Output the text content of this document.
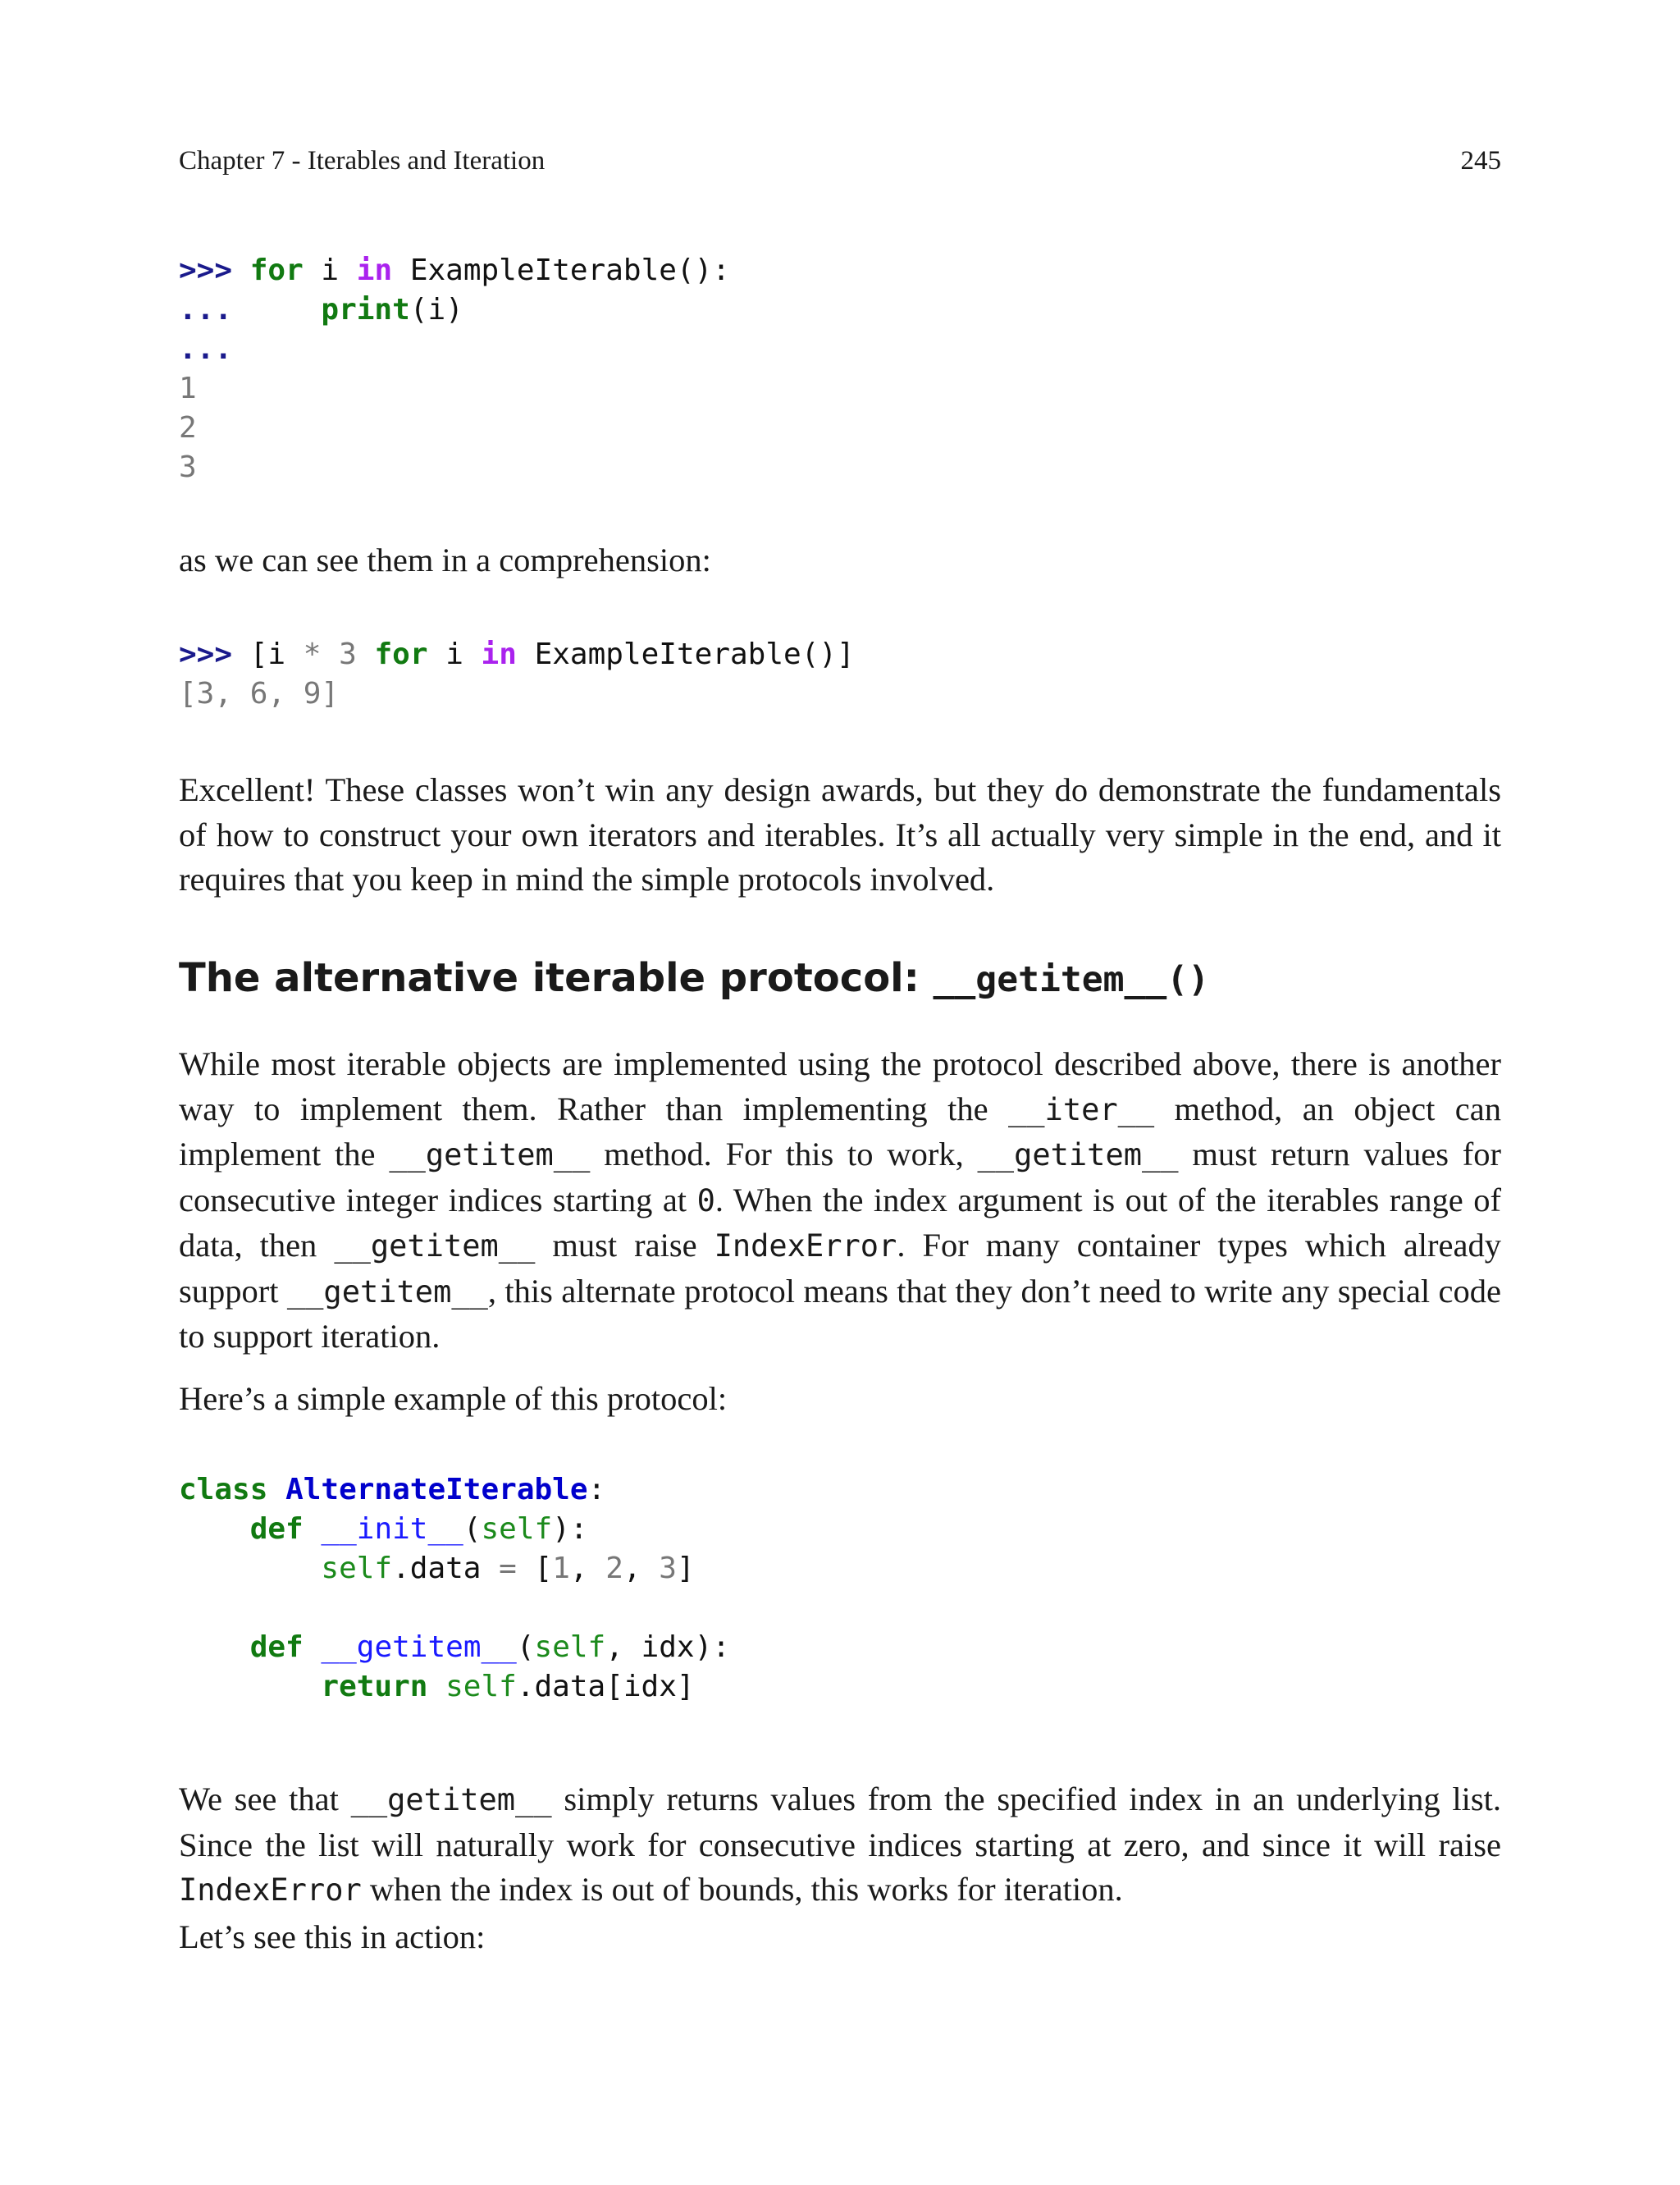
Chapter 7 - Iterables and Iteration	245
>>> for i in ExampleIterable():
...	print(i)
...
1
2
3

as we can see them in a comprehension:

>>> [i * 3 for i in ExampleIterable()]
[3, 6, 9]

Excellent! These classes won’t win any design awards, but they do demonstrate the fundamentals of how to construct your own iterators and iterables. It’s all actually very simple in the end, and it requires that you keep in mind the simple protocols involved.

The alternative iterable protocol: __getitem__()

While most iterable objects are implemented using the protocol described above, there is another way to implement them. Rather than implementing the __iter__ method, an object can implement the __getitem__ method. For this to work, __getitem__ must return values for consecutive integer indices starting at 0. When the index argument is out of the iterables range of data, then __getitem__ must raise IndexError. For many container types which already support __getitem__, this alternate protocol means that they don’t need to write any special code to support iteration.

Here’s a simple example of this protocol:

class AlternateIterable:
def __init__(self):
self.data = [1, 2, 3]

def __getitem__(self, idx):
return self.data[idx]

We see that __getitem__ simply returns values from the specified index in an underlying list. Since the list will naturally work for consecutive indices starting at zero, and since it will raise IndexError when the index is out of bounds, this works for iteration.

Let’s see this in action:
